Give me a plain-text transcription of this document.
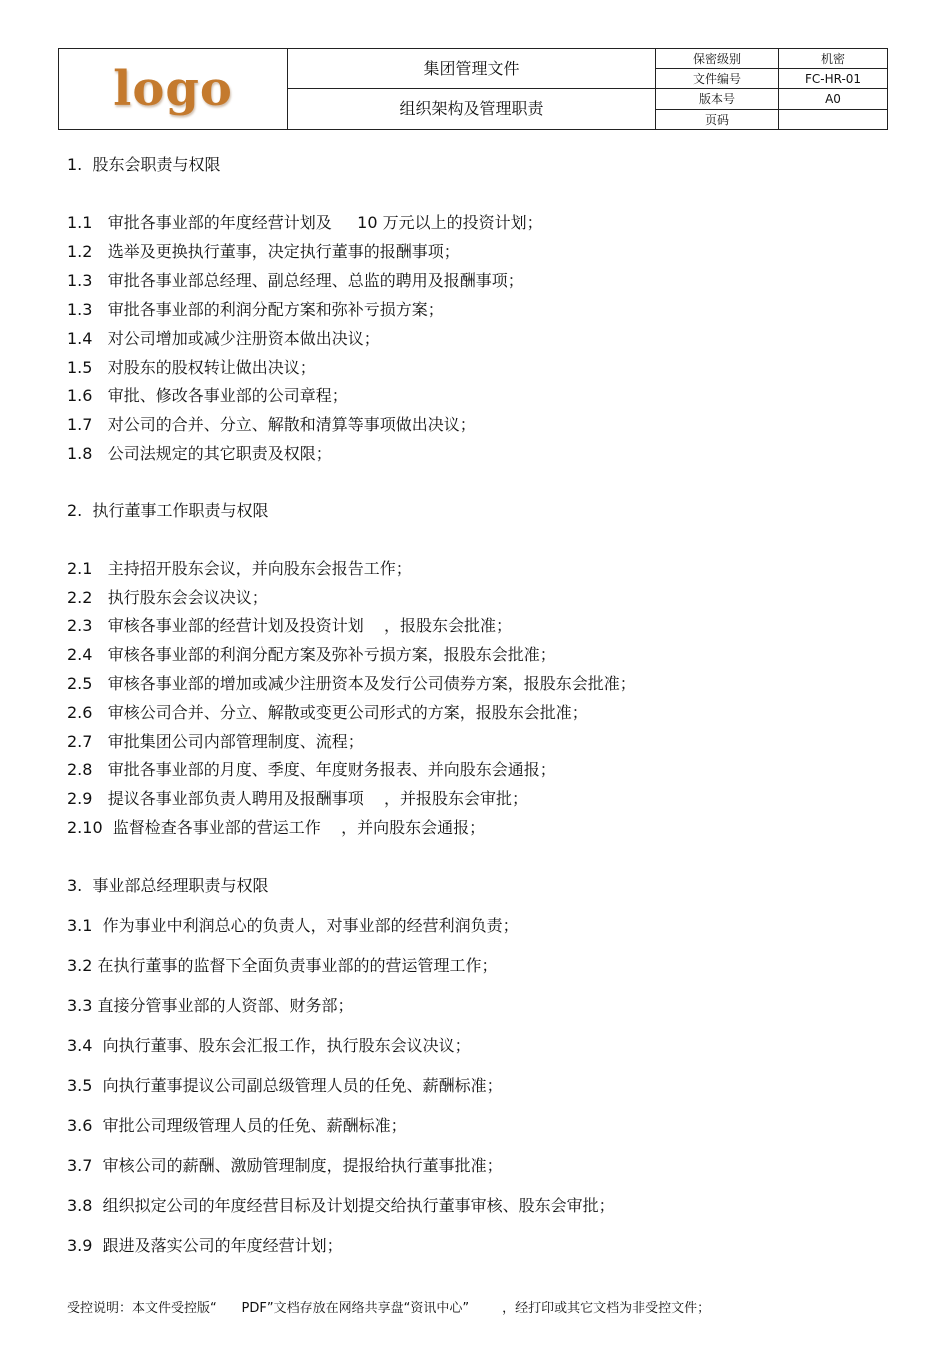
logo	集团管理文件	保密级别	机密
		文件编号	FC-HR-01
	组织架构及管理职责	版本号	A0
		页码	
1.  股东会职责与权限
1.1   审批各事业部的年度经营计划及     10 万元以上的投资计划；
1.2   选举及更换执行董事，决定执行董事的报酬事项；
1.3   审批各事业部总经理、副总经理、总监的聘用及报酬事项；
1.3   审批各事业部的利润分配方案和弥补亏损方案；
1.4   对公司增加或减少注册资本做出决议；
1.5   对股东的股权转让做出决议；
1.6   审批、修改各事业部的公司章程；
1.7   对公司的合并、分立、解散和清算等事项做出决议；
1.8   公司法规定的其它职责及权限；
2.  执行董事工作职责与权限
2.1   主持招开股东会议，并向股东会报告工作；
2.2   执行股东会会议决议；
2.3   审核各事业部的经营计划及投资计划    ，报股东会批准；
2.4   审核各事业部的利润分配方案及弥补亏损方案，报股东会批准；
2.5   审核各事业部的增加或减少注册资本及发行公司债券方案，报股东会批准；
2.6   审核公司合并、分立、解散或变更公司形式的方案，报股东会批准；
2.7   审批集团公司内部管理制度、流程；
2.8   审批各事业部的月度、季度、年度财务报表、并向股东会通报；
2.9   提议各事业部负责人聘用及报酬事项    ，并报股东会审批；
2.10  监督检查各事业部的营运工作    ，并向股东会通报；
3.  事业部总经理职责与权限
3.1  作为事业中利润总心的负责人，对事业部的经营利润负责；
3.2 在执行董事的监督下全面负责事业部的的营运管理工作；
3.3 直接分管事业部的人资部、财务部；
3.4  向执行董事、股东会汇报工作，执行股东会议决议；
3.5  向执行董事提议公司副总级管理人员的任免、薪酬标准；
3.6  审批公司理级管理人员的任免、薪酬标准；
3.7  审核公司的薪酬、激励管理制度，提报给执行董事批准；
3.8  组织拟定公司的年度经营目标及计划提交给执行董事审核、股东会审批；
3.9  跟进及落实公司的年度经营计划；
受控说明：本文件受控版“      PDF”文档存放在网络共享盘“资讯中心”        ，经打印或其它文档为非受控文件；
